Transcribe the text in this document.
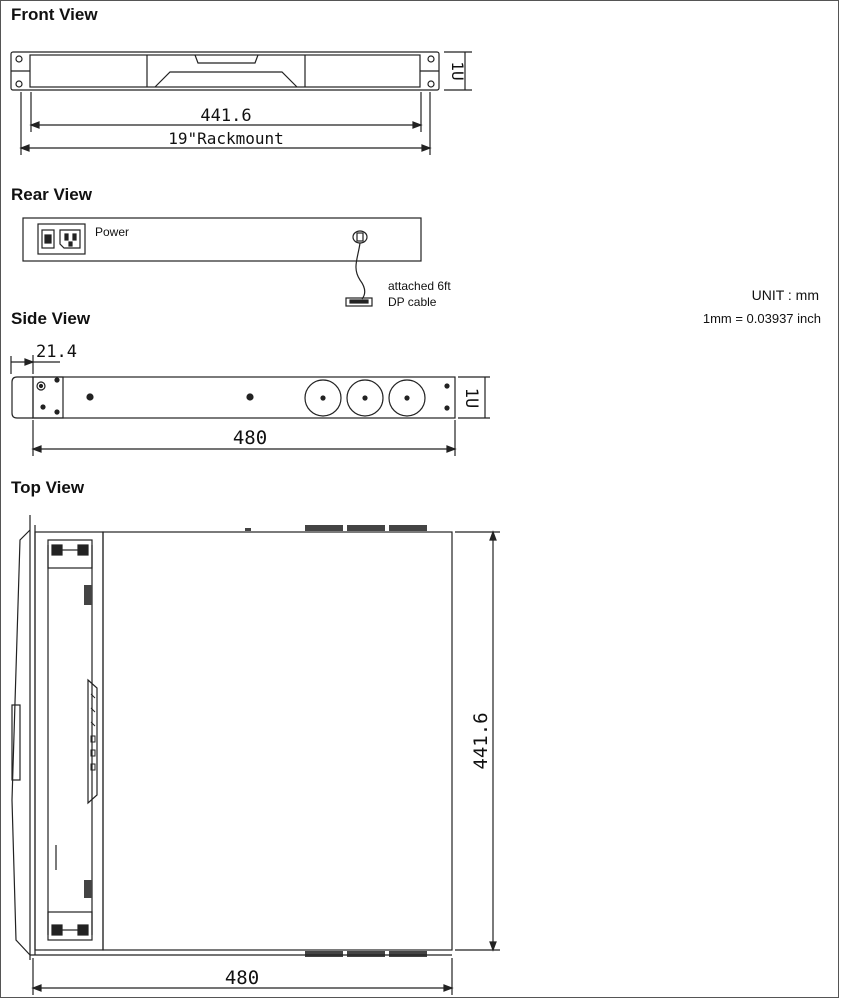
Front View
Rear View
Side View
Top View
Power
attached 6ft
DP cable	UNIT : mm
1mm = 0.03937 inch
1U
441.6
19"Rackmount
21.4
1U
480
441.6
480
